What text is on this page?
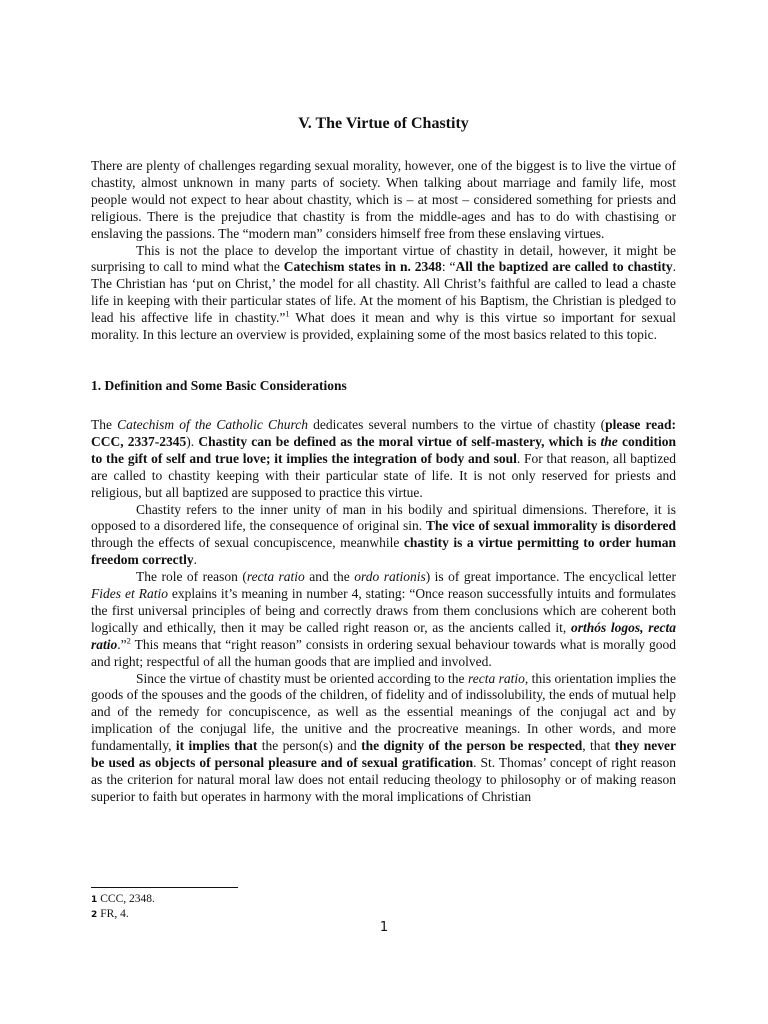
V. The Virtue of Chastity

There are plenty of challenges regarding sexual morality, however, one of the biggest is to live the virtue of chastity, almost unknown in many parts of society. When talking about marriage and family life, most people would not expect to hear about chastity, which is – at most – considered something for priests and religious. There is the prejudice that chastity is from the middle-ages and has to do with chastising or enslaving the passions. The “modern man” considers himself free from these enslaving virtues.

This is not the place to develop the important virtue of chastity in detail, however, it might be surprising to call to mind what the Catechism states in n. 2348: “All the baptized are called to chastity. The Christian has ‘put on Christ,’ the model for all chastity. All Christ’s faithful are called to lead a chaste life in keeping with their particular states of life. At the moment of his Baptism, the Christian is pledged to lead his affective life in chastity.”$^1$ What does it mean and why is this virtue so important for sexual morality. In this lecture an overview is provided, explaining some of the most basics related to this topic.

1. Definition and Some Basic Considerations

The Catechism of the Catholic Church dedicates several numbers to the virtue of chastity (please read: CCC, 2337-2345). Chastity can be defined as the moral virtue of self-mastery, which is the condition to the gift of self and true love; it implies the integration of body and soul. For that reason, all baptized are called to chastity keeping with their particular state of life. It is not only reserved for priests and religious, but all baptized are supposed to practice this virtue.

Chastity refers to the inner unity of man in his bodily and spiritual dimensions. Therefore, it is opposed to a disordered life, the consequence of original sin. The vice of sexual immorality is disordered through the effects of sexual concupiscence, meanwhile chastity is a virtue permitting to order human freedom correctly.

The role of reason (recta ratio and the ordo rationis) is of great importance. The encyclical letter Fides et Ratio explains it’s meaning in number 4, stating: “Once reason successfully intuits and formulates the first universal principles of being and correctly draws from them conclusions which are coherent both logically and ethically, then it may be called right reason or, as the ancients called it, orthós logos, recta ratio.”$^2$ This means that “right reason” consists in ordering sexual behaviour towards what is morally good and right; respectful of all the human goods that are implied and involved.

Since the virtue of chastity must be oriented according to the recta ratio, this orientation implies the goods of the spouses and the goods of the children, of fidelity and of indissolubility, the ends of mutual help and of the remedy for concupiscence, as well as the essential meanings of the conjugal act and by implication of the conjugal life, the unitive and the procreative meanings. In other words, and more fundamentally, it implies that the person(s) and the dignity of the person be respected, that they never be used as objects of personal pleasure and of sexual gratification. St. Thomas’ concept of right reason as the criterion for natural moral law does not entail reducing theology to philosophy or of making reason superior to faith but operates in harmony with the moral implications of Christian

1 CCC, 2348.
2 FR, 4.
1
